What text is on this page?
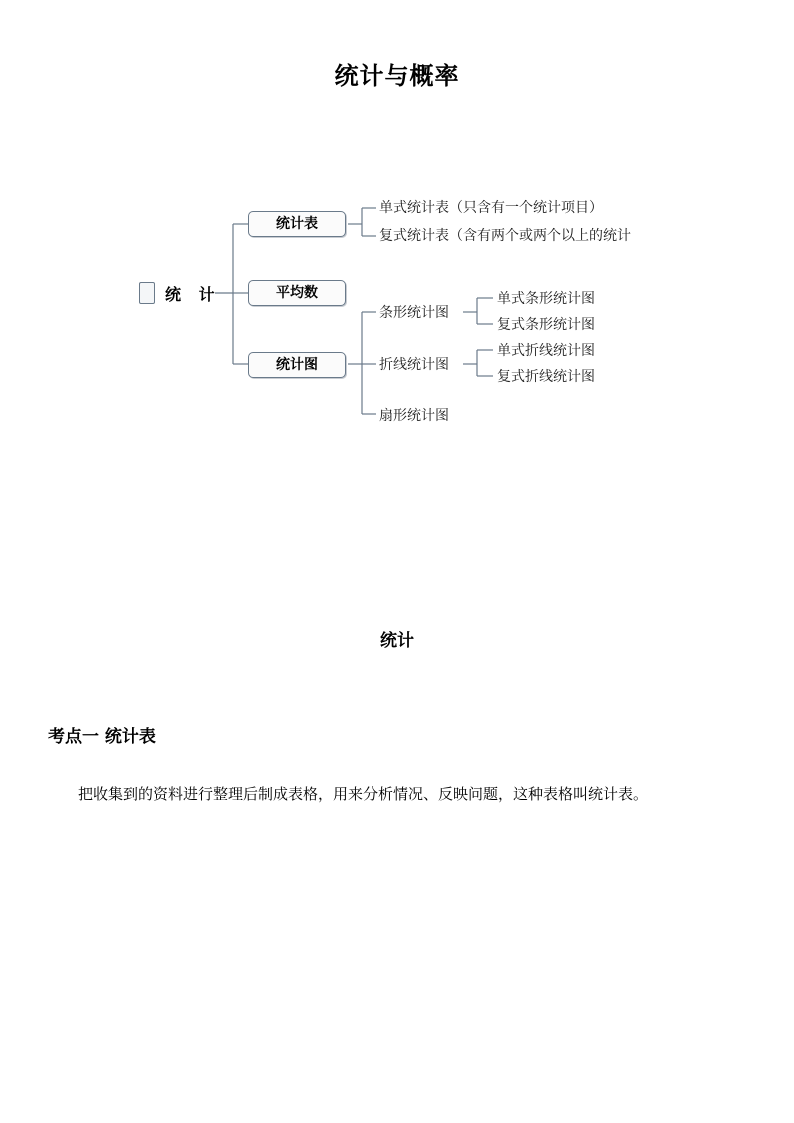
统计与概率
统 计
统计表
平均数
统计图
单式统计表（只含有一个统计项目）
复式统计表（含有两个或两个以上的统计
条形统计图
折线统计图
扇形统计图
单式条形统计图
复式条形统计图
单式折线统计图
复式折线统计图
统计
考点一 统计表
把收集到的资料进行整理后制成表格，用来分析情况、反映问题，这种表格叫统计表。
